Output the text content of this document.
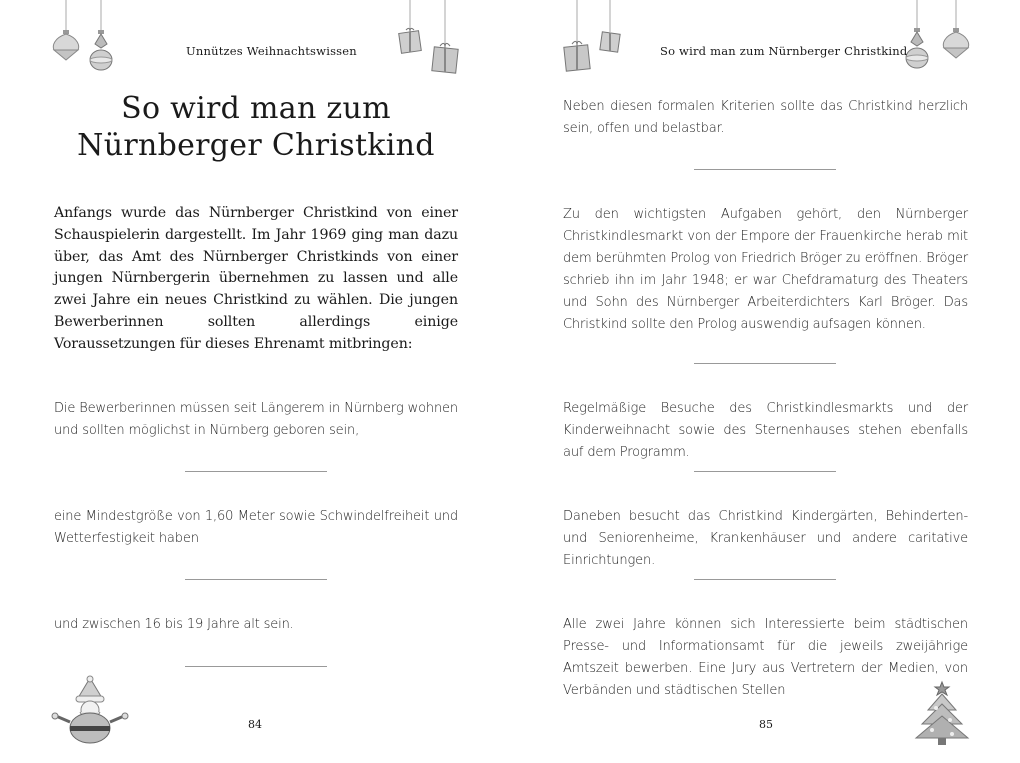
Unnützes Weihnachtswissen
So wird man zum
Nürnberger Christkind
Anfangs wurde das Nürnberger Christkind von einer Schauspielerin dargestellt. Im Jahr 1969 ging man dazu über, das Amt des Nürnberger Christkinds von einer jungen Nürnbergerin übernehmen zu lassen und alle zwei Jahre ein neues Christkind zu wählen. Die jungen Bewerberinnen sollten allerdings einige Voraussetzungen für dieses Ehrenamt mitbringen:
Die Bewerberinnen müssen seit Längerem in Nürnberg wohnen und sollten möglichst in Nürnberg geboren sein,
eine Mindestgröße von 1,60 Meter sowie Schwindelfreiheit und Wetterfestigkeit haben
und zwischen 16 bis 19 Jahre alt sein.
84
So wird man zum Nürnberger Christkind
Neben diesen formalen Kriterien sollte das Christkind herzlich sein, offen und belastbar.
Zu den wichtigsten Aufgaben gehört, den Nürnberger Christkindlesmarkt von der Empore der Frauenkirche herab mit dem berühmten Prolog von Friedrich Bröger zu eröffnen. Bröger schrieb ihn im Jahr 1948; er war Chefdramaturg des Theaters und Sohn des Nürnberger Arbeiterdichters Karl Bröger. Das Christkind sollte den Prolog auswendig aufsagen können.
Regelmäßige Besuche des Christkindlesmarkts und der Kinderweihnacht sowie des Sternenhauses stehen ebenfalls auf dem Programm.
Daneben besucht das Christkind Kindergärten, Behinderten- und Seniorenheime, Krankenhäuser und andere caritative Einrichtungen.
Alle zwei Jahre können sich Interessierte beim städtischen Presse- und Informationsamt für die jeweils zweijährige Amtszeit bewerben. Eine Jury aus Vertretern der Medien, von Verbänden und städtischen Stellen
85
